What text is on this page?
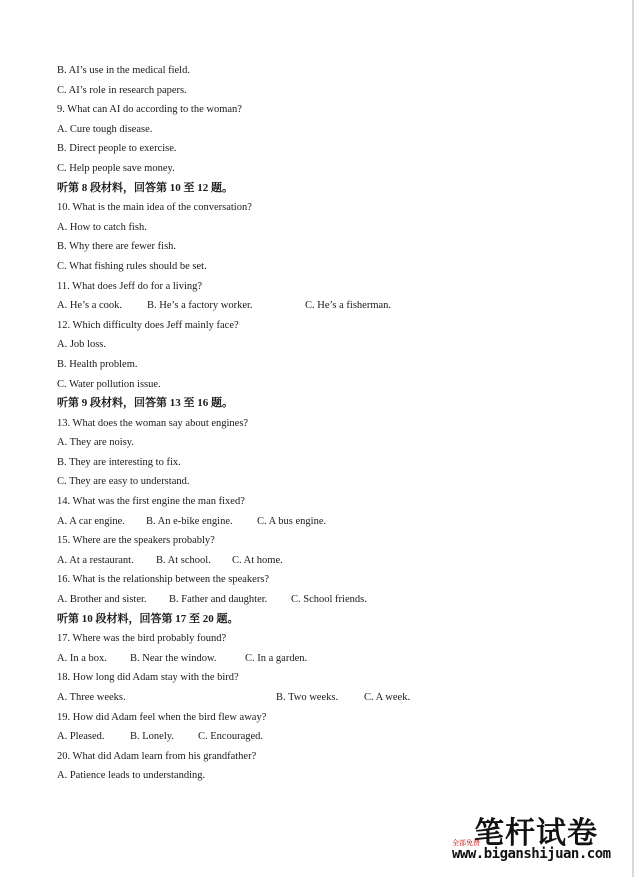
B. AI’s use in the medical field.
C. AI’s role in research papers.
9. What can AI do according to the woman?
A. Cure tough disease.
B. Direct people to exercise.
C. Help people save money.
听第 8 段材料，回答第 10 至 12 题。
10. What is the main idea of the conversation?
A. How to catch fish.
B. Why there are fewer fish.
C. What fishing rules should be set.
11. What does Jeff do for a living?
A. He’s a cook. B. He’s a factory worker.	C. He’s a fisherman.
12. Which difficulty does Jeff mainly face?
A. Job loss.
B. Health problem.
C. Water pollution issue.
听第 9 段材料，回答第 13 至 16 题。
13. What does the woman say about engines?
A. They are noisy.
B. They are interesting to fix.
C. They are easy to understand.
14. What was the first engine the man fixed?
A. A car engine. B. An e-bike engine. C. A bus engine.
15. Where are the speakers probably?
A. At a restaurant. B. At school. C. At home.
16. What is the relationship between the speakers?
A. Brother and sister. B. Father and daughter. C. School friends.
听第 10 段材料，回答第 17 至 20 题。
17. Where was the bird probably found?
A. In a box. B. Near the window.	C. In a garden.
18. How long did Adam stay with the bird?
A. Three weeks.	B. Two weeks. C. A week.
19. How did Adam feel when the bird flew away?
A. Pleased. B. Lonely. C. Encouraged.
20. What did Adam learn from his grandfather?
A. Patience leads to understanding.
全部免费
笔杆试卷
www.biganshijuan.com
